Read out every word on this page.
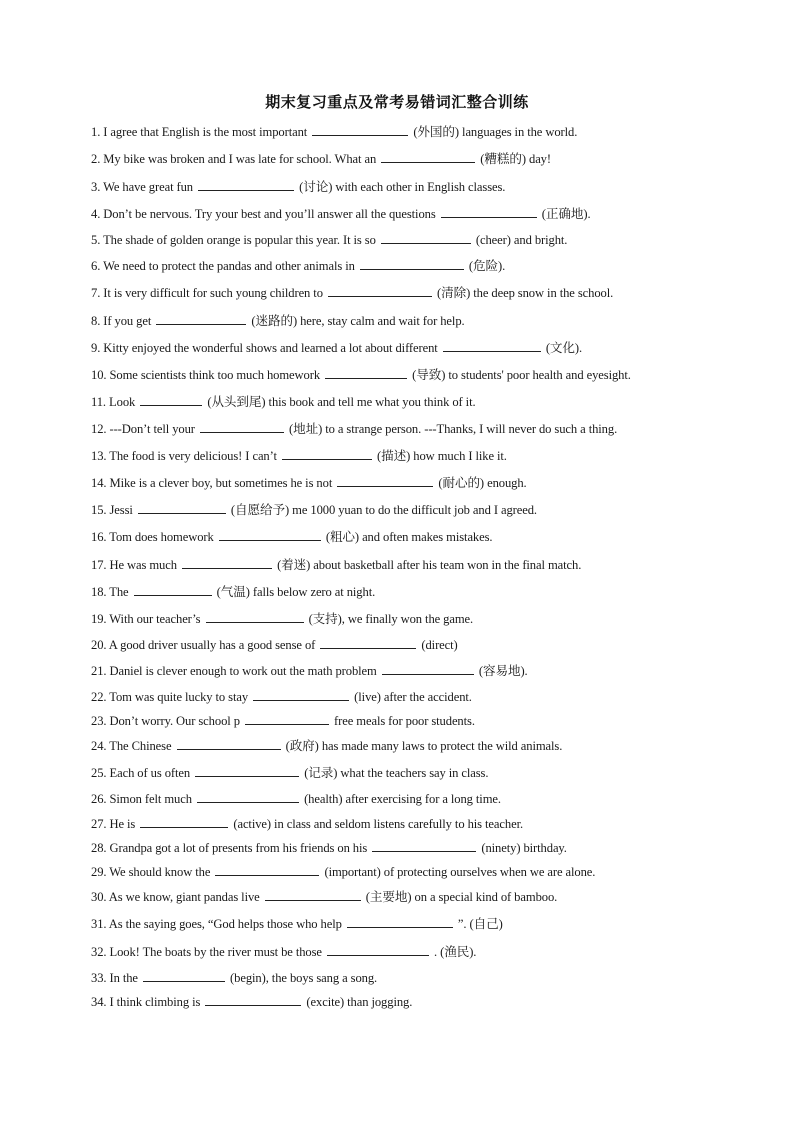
期末复习重点及常考易错词汇整合训练
1. I agree that English is the most important	(外国的) languages in the world.
2. My bike was broken and I was late for school. What an	(糟糕的) day!
3. We have great fun	(讨论) with each other in English classes.
4. Don’t be nervous. Try your best and you’ll answer all the questions	(正确地).
5. The shade of golden orange is popular this year. It is so	(cheer) and bright.
6. We need to protect the pandas and other animals in	(危险).
7. It is very difficult for such young children to	(清除) the deep snow in the school.
8. If you get	(迷路的) here, stay calm and wait for help.
9. Kitty enjoyed the wonderful shows and learned a lot about different	(文化).
10. Some scientists think too much homework	(导致) to students' poor health and eyesight.
11. Look	(从头到尾) this book and tell me what you think of it.
12. ---Don’t tell your	(地址) to a strange person. ---Thanks, I will never do such a thing.
13. The food is very delicious! I can’t	(描述) how much I like it.
14. Mike is a clever boy, but sometimes he is not	(耐心的) enough.
15. Jessi	(自愿给予) me 1000 yuan to do the difficult job and I agreed.
16. Tom does homework	(粗心) and often makes mistakes.
17. He was much	(着迷) about basketball after his team won in the final match.
18. The	(气温) falls below zero at night.
19. With our teacher’s	(支持), we finally won the game.
20. A good driver usually has a good sense of	(direct)
21. Daniel is clever enough to work out the math problem	(容易地).
22. Tom was quite lucky to stay	(live) after the accident.
23. Don’t worry. Our school p	free meals for poor students.
24. The Chinese	(政府) has made many laws to protect the wild animals.
25. Each of us often	(记录) what the teachers say in class.
26. Simon felt much	(health) after exercising for a long time.
27. He is	(active) in class and seldom listens carefully to his teacher.
28. Grandpa got a lot of presents from his friends on his	(ninety) birthday.
29. We should know the	(important) of protecting ourselves when we are alone.
30. As we know, giant pandas live	(主要地) on a special kind of bamboo.
31. As the saying goes, “God helps those who help	”. (自己)
32. Look! The boats by the river must be those	. (渔民).
33. In the	(begin), the boys sang a song.
34. I think climbing is	(excite) than jogging.
